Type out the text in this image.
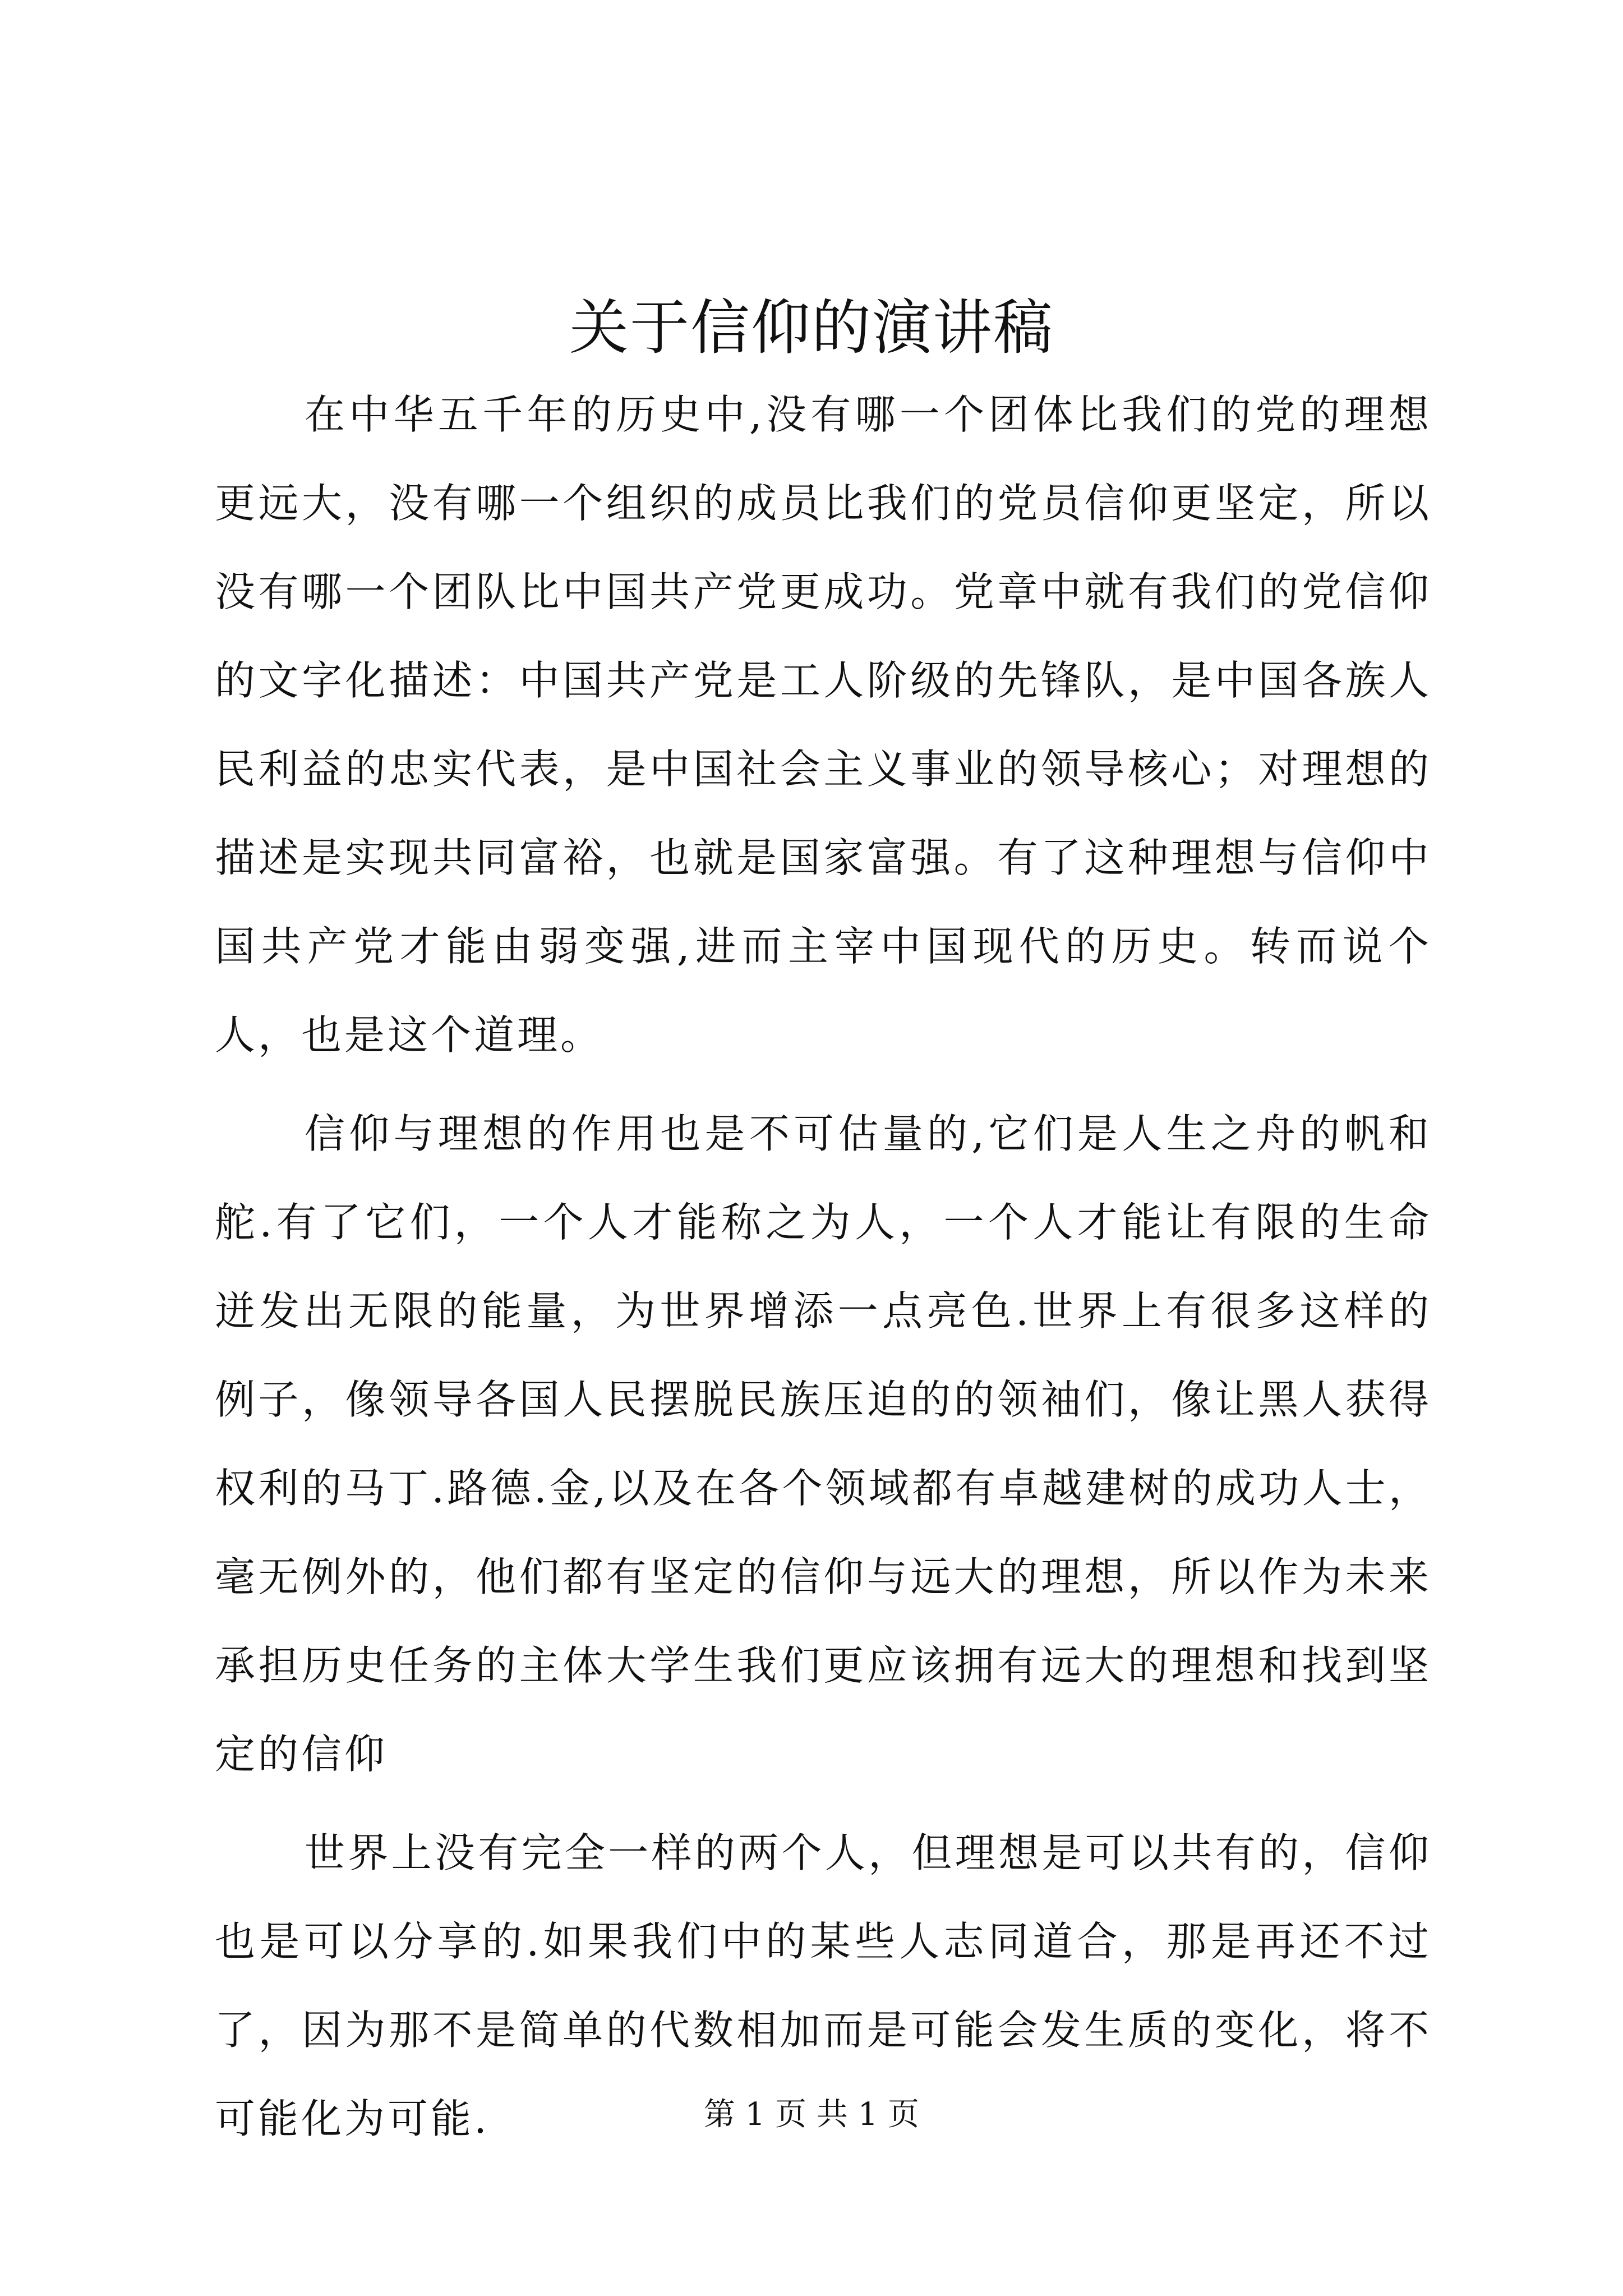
关于信仰的演讲稿

在中华五千年的历史中,没有哪一个团体比我们的党的理想更远大，没有哪一个组织的成员比我们的党员信仰更坚定，所以没有哪一个团队比中国共产党更成功。党章中就有我们的党信仰的文字化描述：中国共产党是工人阶级的先锋队，是中国各族人民利益的忠实代表，是中国社会主义事业的领导核心；对理想的描述是实现共同富裕，也就是国家富强。有了这种理想与信仰中国共产党才能由弱变强,进而主宰中国现代的历史。转而说个人，也是这个道理。

信仰与理想的作用也是不可估量的,它们是人生之舟的帆和舵.有了它们，一个人才能称之为人，一个人才能让有限的生命迸发出无限的能量，为世界增添一点亮色.世界上有很多这样的例子，像领导各国人民摆脱民族压迫的的领袖们，像让黑人获得权利的马丁.路德.金,以及在各个领域都有卓越建树的成功人士，毫无例外的，他们都有坚定的信仰与远大的理想，所以作为未来承担历史任务的主体大学生我们更应该拥有远大的理想和找到坚定的信仰

世界上没有完全一样的两个人，但理想是可以共有的，信仰也是可以分享的.如果我们中的某些人志同道合，那是再还不过了，因为那不是简单的代数相加而是可能会发生质的变化，将不可能化为可能.	第 1 页 共 1 页
